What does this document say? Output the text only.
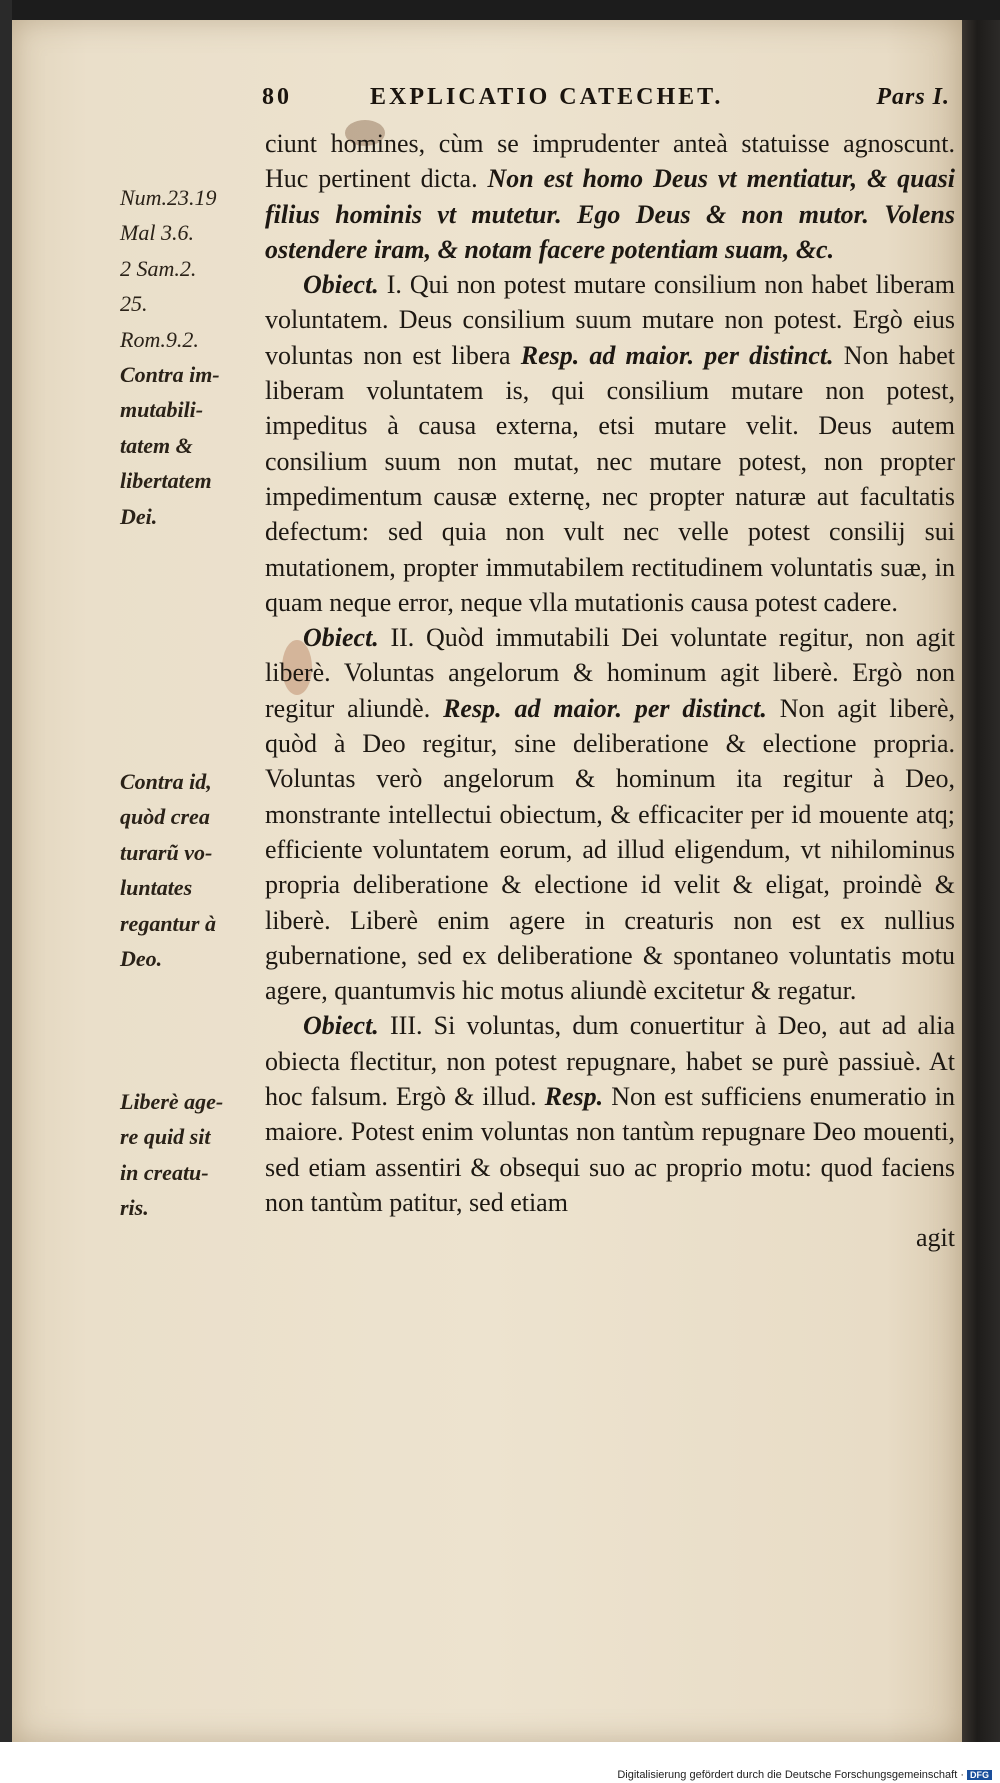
80	EXPLICATIO CATECHET.	Pars I.
Num.23.19
Mal 3.6.
2 Sam.2.
25.
Rom.9.2.
Contra im-
mutabili-
tatem &
libertatem
Dei.
Contra id,
quòd crea
turarũ vo-
luntates
regantur à
Deo.
Liberè age-
re quid sit
in creatu-
ris.

ciunt homines, cùm se imprudenter anteà statuisse agnoscunt. Huc pertinent dicta. Non est homo Deus vt mentiatur, & quasi filius hominis vt mutetur. Ego Deus & non mutor. Volens ostendere iram, & notam facere potentiam suam, &c.

Obiect. I. Qui non potest mutare consilium non habet liberam voluntatem. Deus consilium suum mutare non potest. Ergò eius voluntas non est libera Resp. ad maior. per distinct. Non habet liberam voluntatem is, qui consilium mutare non potest, impeditus à causa externa, etsi mutare velit. Deus autem consilium suum non mutat, nec mutare potest, non propter impedimentum causæ externę, nec propter naturæ aut facultatis defectum: sed quia non vult nec velle potest consilij sui mutationem, propter immutabilem rectitudinem voluntatis suæ, in quam neque error, neque vlla mutationis causa potest cadere.

Obiect. II. Quòd immutabili Dei voluntate regitur, non agit liberè. Voluntas angelorum & hominum agit liberè. Ergò non regitur aliundè. Resp. ad maior. per distinct. Non agit liberè, quòd à Deo regitur, sine deliberatione & electione propria. Voluntas verò angelorum & hominum ita regitur à Deo, monstrante intellectui obiectum, & efficaciter per id mouente atq; efficiente voluntatem eorum, ad illud eligendum, vt nihilominus propria deliberatione & electione id velit & eligat, proindè & liberè. Liberè enim agere in creaturis non est ex nullius gubernatione, sed ex deliberatione & spontaneo voluntatis motu agere, quantumvis hic motus aliundè excitetur & regatur.

Obiect. III. Si voluntas, dum conuertitur à Deo, aut ad alia obiecta flectitur, non potest repugnare, habet se purè passiuè. At hoc falsum. Ergò & illud. Resp. Non est sufficiens enumeratio in maiore. Potest enim voluntas non tantùm repugnare Deo mouenti, sed etiam assentiri & obsequi suo ac proprio motu: quod faciens non tantùm patitur, sed etiam

agit

Digitalisierung gefördert durch die Deutsche Forschungsgemeinschaft · DFG
